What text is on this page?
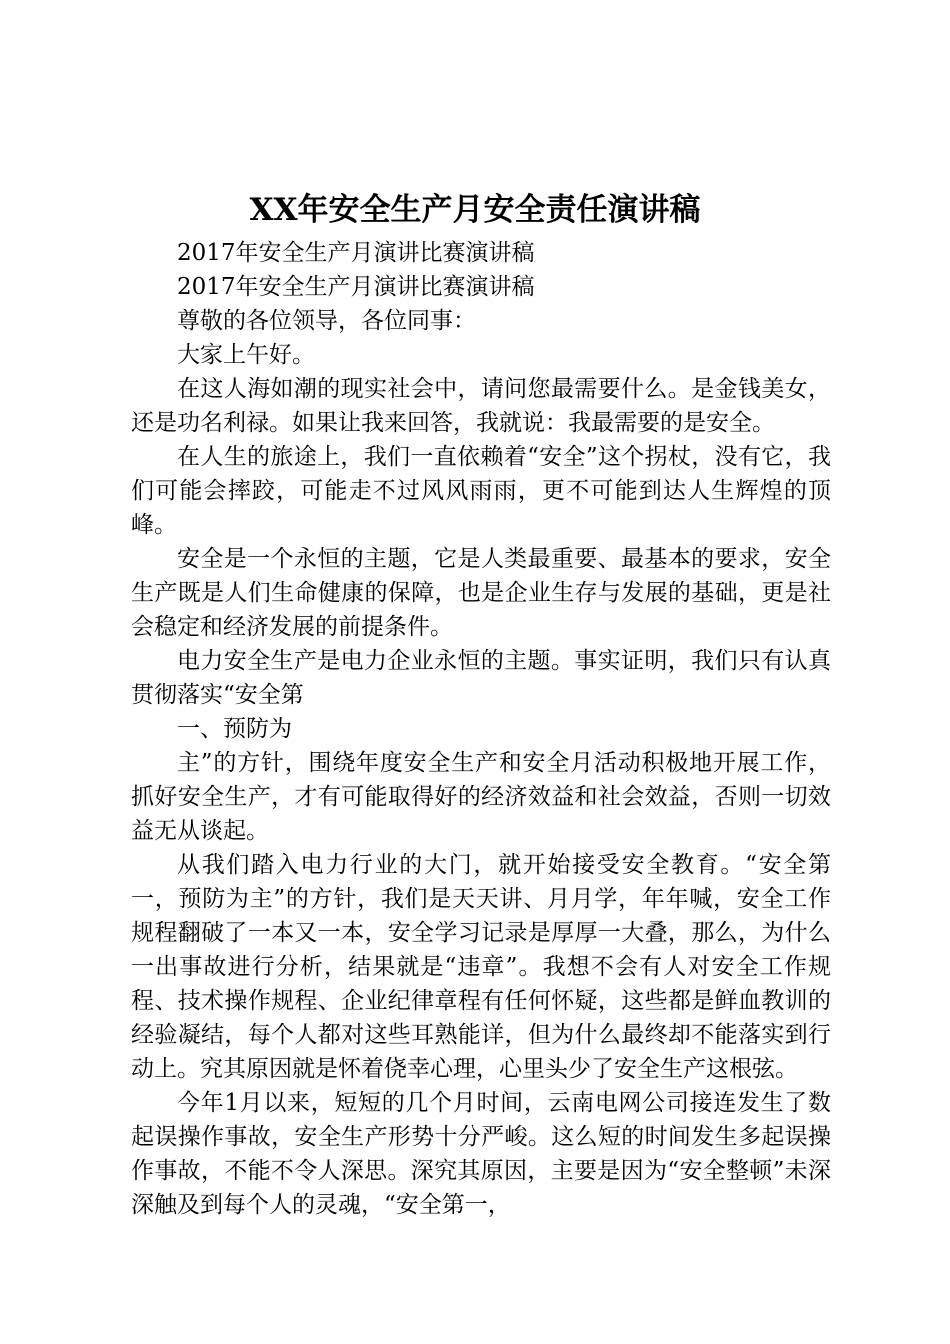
XX年安全生产月安全责任演讲稿

2017年安全生产月演讲比赛演讲稿

2017年安全生产月演讲比赛演讲稿

尊敬的各位领导，各位同事：

大家上午好。

在这人海如潮的现实社会中，请问您最需要什么。是金钱美女，还是功名利禄。如果让我来回答，我就说：我最需要的是安全。

在人生的旅途上，我们一直依赖着“安全”这个拐杖，没有它，我们可能会摔跤，可能走不过风风雨雨，更不可能到达人生辉煌的顶峰。

安全是一个永恒的主题，它是人类最重要、最基本的要求，安全生产既是人们生命健康的保障，也是企业生存与发展的基础，更是社会稳定和经济发展的前提条件。

电力安全生产是电力企业永恒的主题。事实证明，我们只有认真贯彻落实“安全第

一、预防为

主”的方针，围绕年度安全生产和安全月活动积极地开展工作，抓好安全生产，才有可能取得好的经济效益和社会效益，否则一切效益无从谈起。

从我们踏入电力行业的大门，就开始接受安全教育。“安全第一，预防为主”的方针，我们是天天讲、月月学，年年喊，安全工作规程翻破了一本又一本，安全学习记录是厚厚一大叠，那么，为什么一出事故进行分析，结果就是“违章”。我想不会有人对安全工作规程、技术操作规程、企业纪律章程有任何怀疑，这些都是鲜血教训的经验凝结，每个人都对这些耳熟能详，但为什么最终却不能落实到行动上。究其原因就是怀着侥幸心理，心里头少了安全生产这根弦。

今年1月以来，短短的几个月时间，云南电网公司接连发生了数起误操作事故，安全生产形势十分严峻。这么短的时间发生多起误操作事故，不能不令人深思。深究其原因，主要是因为“安全整顿”未深深触及到每个人的灵魂，“安全第一，
